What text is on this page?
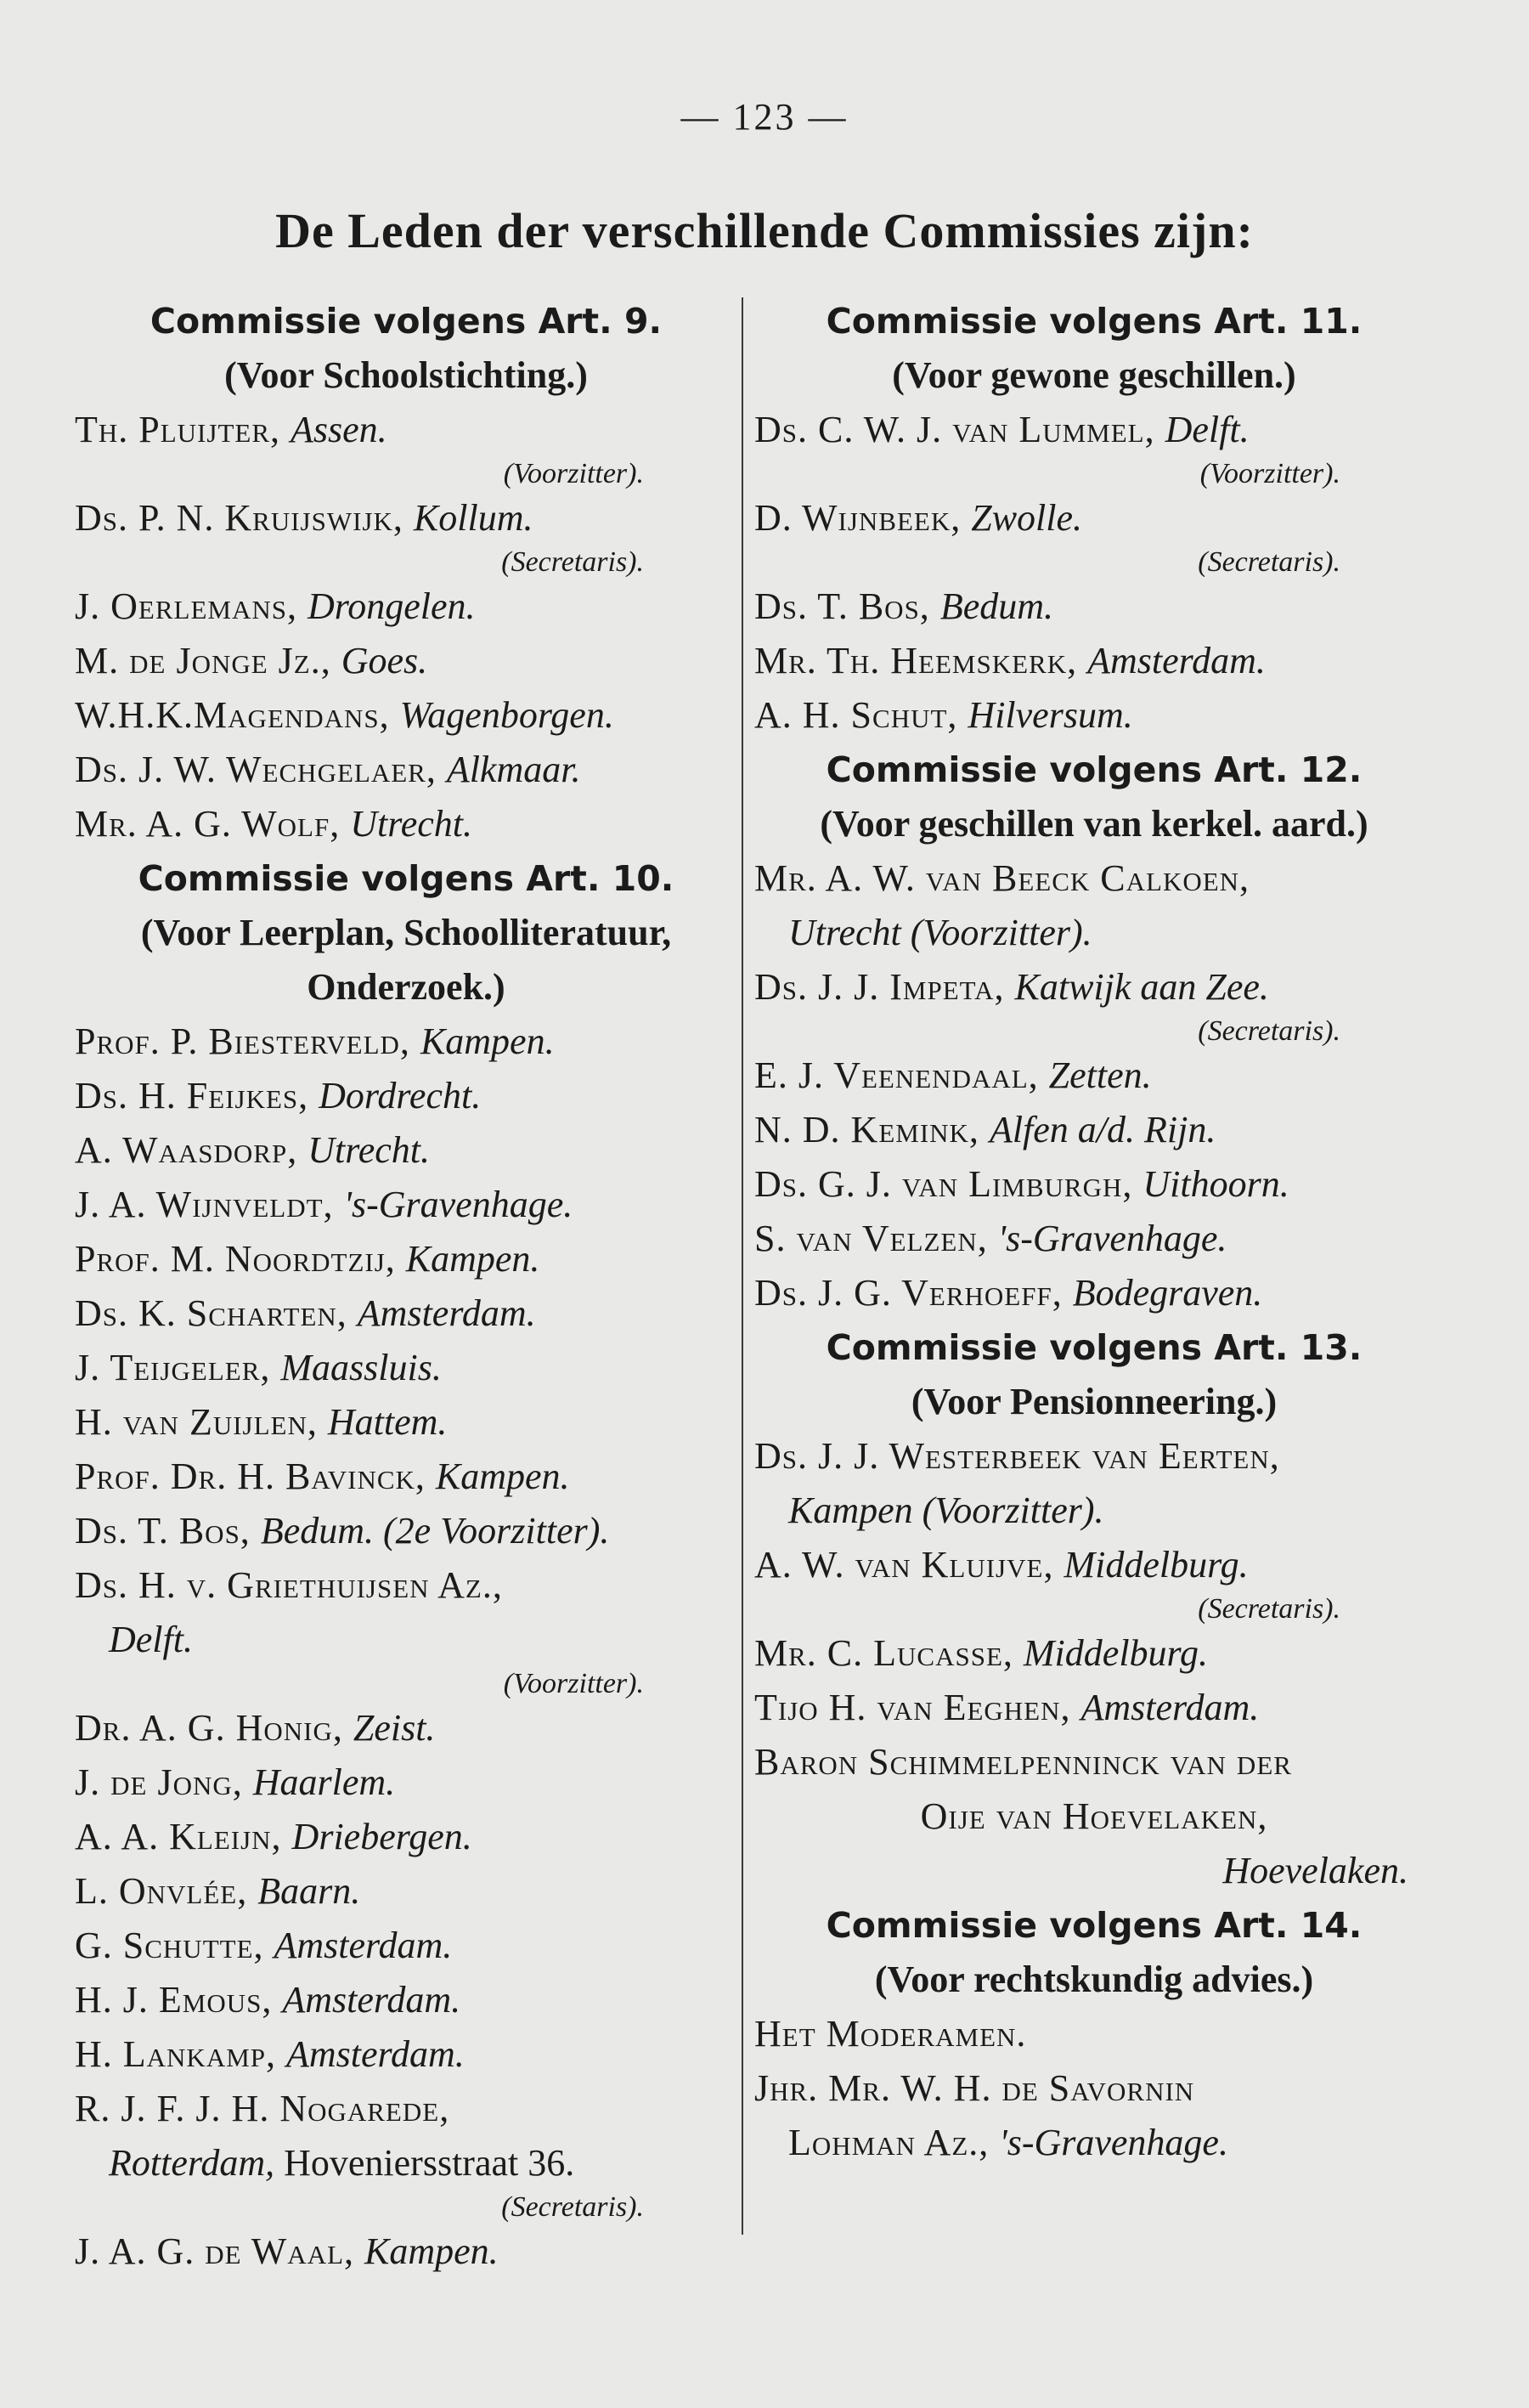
— 123 —
De Leden der verschillende Commissies zijn:
Commissie volgens Art. 9.
(Voor Schoolstichting.)
Th. Pluijter, Assen.
(Voorzitter).
Ds. P. N. Kruijswijk, Kollum.
(Secretaris).
J. Oerlemans, Drongelen.
M. de Jonge Jz., Goes.
W.H.K.Magendans, Wagenborgen.
Ds. J. W. Wechgelaer, Alkmaar.
Mr. A. G. Wolf, Utrecht.
Commissie volgens Art. 10.
(Voor Leerplan, Schoolliteratuur,
Onderzoek.)
Prof. P. Biesterveld, Kampen.
Ds. H. Feijkes, Dordrecht.
A. Waasdorp, Utrecht.
J. A. Wijnveldt, 's-Gravenhage.
Prof. M. Noordtzij, Kampen.
Ds. K. Scharten, Amsterdam.
J. Teijgeler, Maassluis.
H. van Zuijlen, Hattem.
Prof. Dr. H. Bavinck, Kampen.
Ds. T. Bos, Bedum. (2e Voorzitter).
Ds. H. v. Griethuijsen Az.,
Delft.
(Voorzitter).
Dr. A. G. Honig, Zeist.
J. de Jong, Haarlem.
A. A. Kleijn, Driebergen.
L. Onvlée, Baarn.
G. Schutte, Amsterdam.
H. J. Emous, Amsterdam.
H. Lankamp, Amsterdam.
R. J. F. J. H. Nogarede,
Rotterdam, Hoveniersstraat 36.
(Secretaris).
J. A. G. de Waal, Kampen.
Commissie volgens Art. 11.
(Voor gewone geschillen.)
Ds. C. W. J. van Lummel, Delft.
(Voorzitter).
D. Wijnbeek, Zwolle.
(Secretaris).
Ds. T. Bos, Bedum.
Mr. Th. Heemskerk, Amsterdam.
A. H. Schut, Hilversum.
Commissie volgens Art. 12.
(Voor geschillen van kerkel. aard.)
Mr. A. W. van Beeck Calkoen,
Utrecht (Voorzitter).
Ds. J. J. Impeta, Katwijk aan Zee.
(Secretaris).
E. J. Veenendaal, Zetten.
N. D. Kemink, Alfen a/d. Rijn.
Ds. G. J. van Limburgh, Uithoorn.
S. van Velzen, 's-Gravenhage.
Ds. J. G. Verhoeff, Bodegraven.
Commissie volgens Art. 13.
(Voor Pensionneering.)
Ds. J. J. Westerbeek van Eerten,
Kampen (Voorzitter).
A. W. van Kluijve, Middelburg.
(Secretaris).
Mr. C. Lucasse, Middelburg.
Tijo H. van Eeghen, Amsterdam.
Baron Schimmelpenninck van der
Oije van Hoevelaken,
Hoevelaken.
Commissie volgens Art. 14.
(Voor rechtskundig advies.)
Het Moderamen.
Jhr. Mr. W. H. de Savornin
Lohman Az., 's-Gravenhage.
